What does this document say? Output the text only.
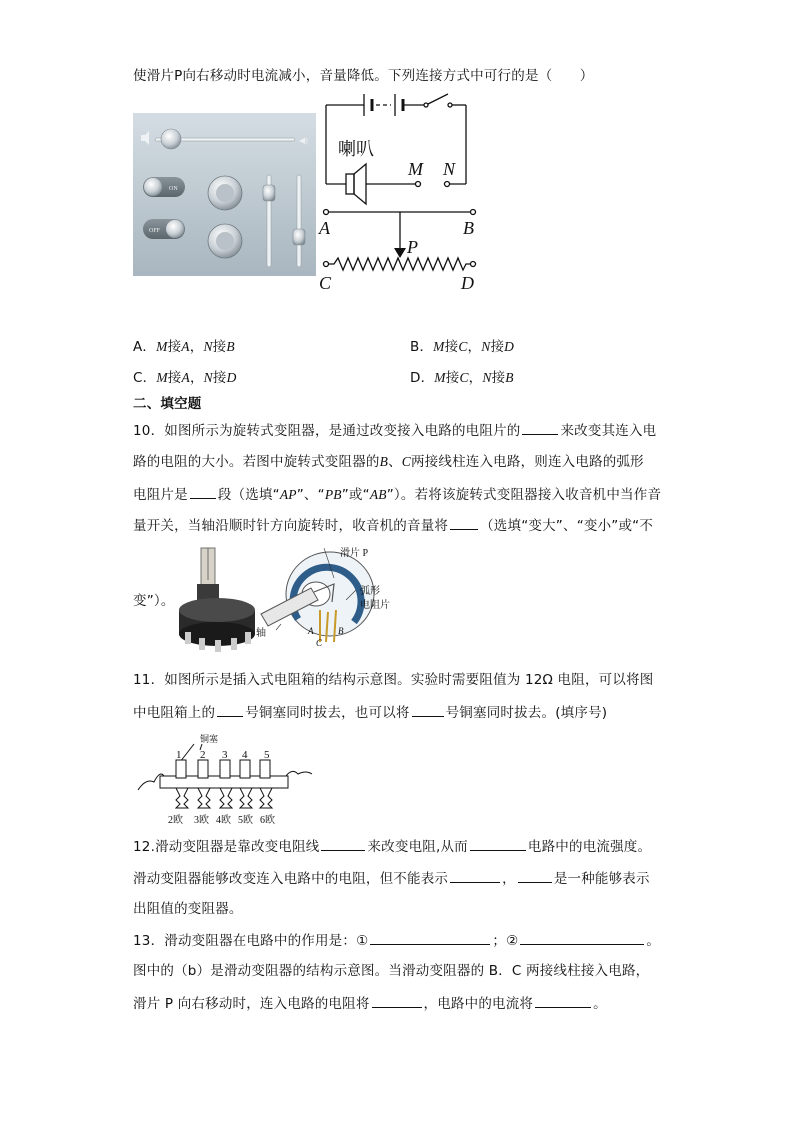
使滑片P向右移动时电流减小，音量降低。下列连接方式中可行的是（　　）
◀)
ON
OFF
喇叭
M N
A	B
P
C	D
A．M接A，N接B	B．M接C，N接D
C．M接A，N接D	D．M接C，N接B
二、填空题
10．如图所示为旋转式变阻器，是通过改变接入电路的电阻片的	来改变其连入电
路的电阻的大小。若图中旋转式变阻器的B、C两接线柱连入电路，则连入电路的弧形
电阻片是 段（选填“AP”、“PB”或“AB”）。若将该旋转式变阻器接入收音机中当作音
量开关，当轴沿顺时针方向旋转时，收音机的音量将 （选填“变大”、“变小”或“不
变”）。
滑片 P
弧形
电阻片
轴	A
C
B
11．如图所示是插入式电阻箱的结构示意图。实验时需要阻值为 12Ω 电阻，可以将图
中电阻箱上的 号铜塞同时拔去，也可以将	号铜塞同时拔去。(填序号)
铜塞
1 2 3 4 5
2欧 3欧 4欧 5欧 6欧
12.滑动变阻器是靠改变电阻线	来改变电阻,从而	电路中的电流强度。
滑动变阻器能够改变连入电路中的电阻，但不能表示	，	是一种能够表示
出阻值的变阻器。
13．滑动变阻器在电路中的作用是：①	；②	。
图中的（b）是滑动变阻器的结构示意图。当滑动变阻器的 B．C 两接线柱接入电路，
滑片 P 向右移动时，连入电路的电阻将	，电路中的电流将	。
